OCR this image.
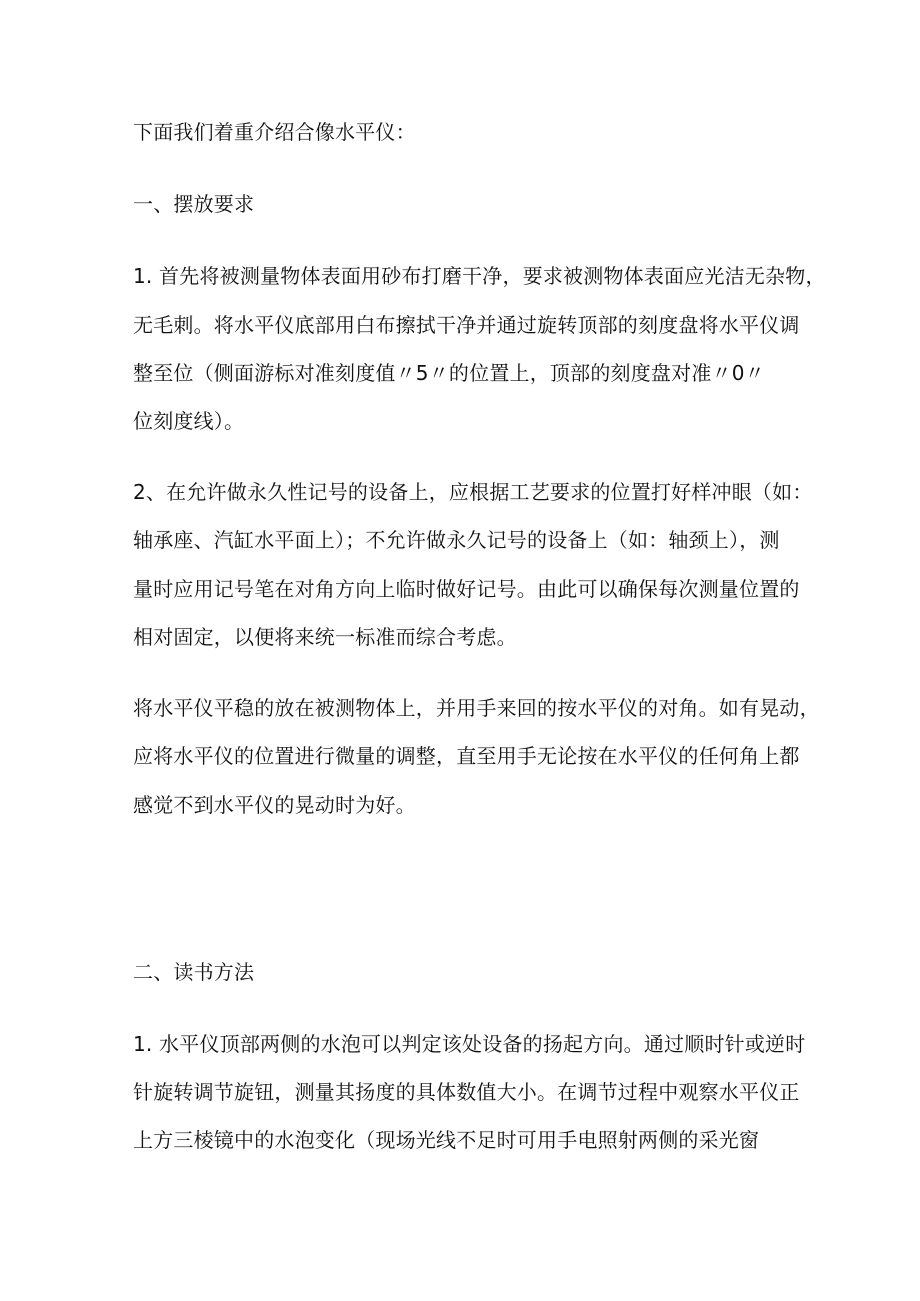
下面我们着重介绍合像水平仪：
一、摆放要求
1. 首先将被测量物体表面用砂布打磨干净，要求被测物体表面应光洁无杂物，
无毛刺。将水平仪底部用白布擦拭干净并通过旋转顶部的刻度盘将水平仪调
整至位（侧面游标对准刻度值〃5〃的位置上，顶部的刻度盘对准〃0〃
位刻度线）。
2、在允许做永久性记号的设备上，应根据工艺要求的位置打好样冲眼（如：
轴承座、汽缸水平面上）；不允许做永久记号的设备上（如：轴颈上），测
量时应用记号笔在对角方向上临时做好记号。由此可以确保每次测量位置的
相对固定，以便将来统一标准而综合考虑。
将水平仪平稳的放在被测物体上，并用手来回的按水平仪的对角。如有晃动，
应将水平仪的位置进行微量的调整，直至用手无论按在水平仪的任何角上都
感觉不到水平仪的晃动时为好。
二、读书方法
1. 水平仪顶部两侧的水泡可以判定该处设备的扬起方向。通过顺时针或逆时
针旋转调节旋钮，测量其扬度的具体数值大小。在调节过程中观察水平仪正
上方三棱镜中的水泡变化（现场光线不足时可用手电照射两侧的采光窗
